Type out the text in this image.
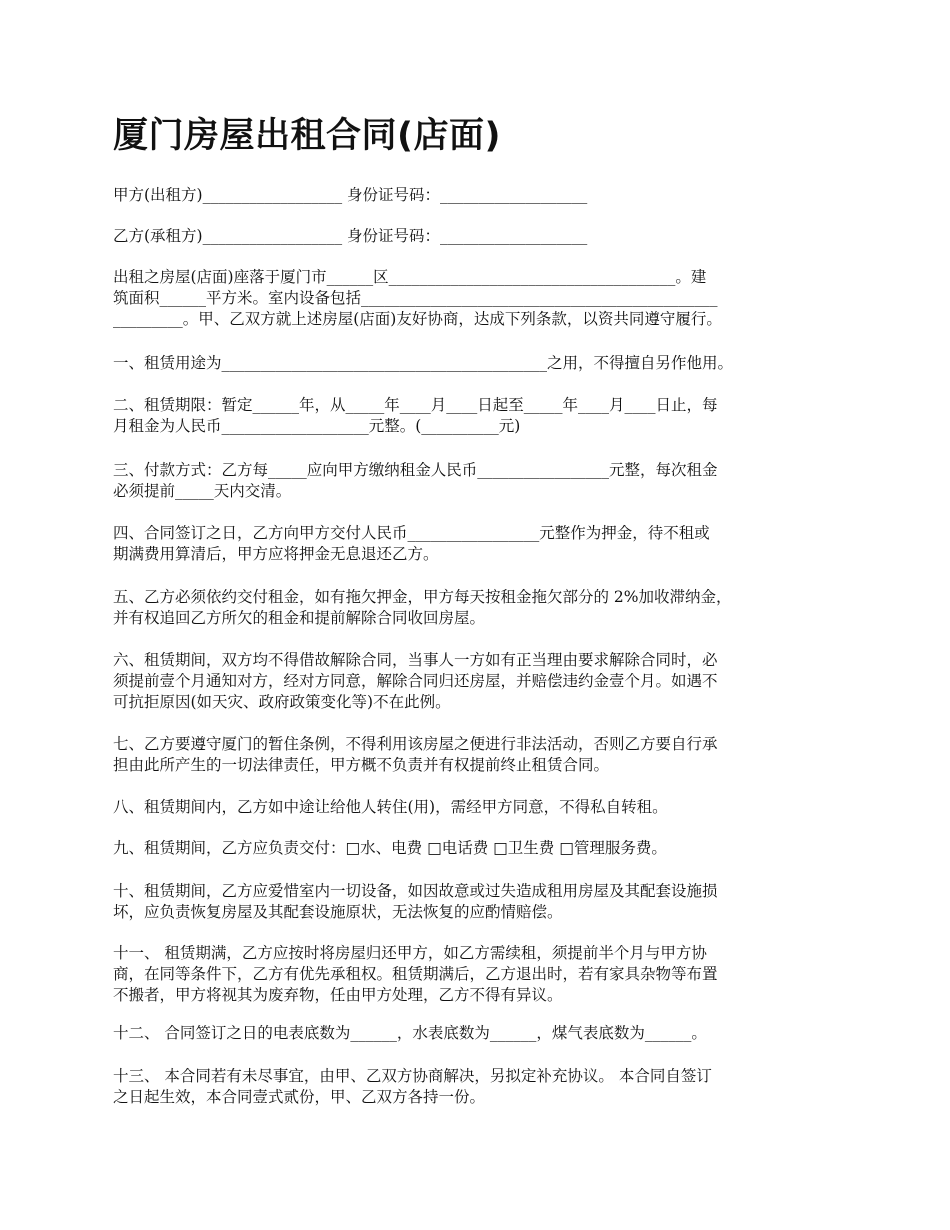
厦门房屋出租合同(店面)
甲方(出租方)__________________ 身份证号码：___________________
乙方(承租方)__________________ 身份证号码：___________________
出租之房屋(店面)座落于厦门市______区_____________________________________。建
筑面积______平方米。室内设备包括______________________________________________
_________。甲、乙双方就上述房屋(店面)友好协商，达成下列条款，以资共同遵守履行。
一、租赁用途为__________________________________________之用，不得擅自另作他用。
二、租赁期限：暂定______年，从_____年____月____日起至_____年____月____日止，每
月租金为人民币___________________元整。(__________元)
三、付款方式：乙方每_____应向甲方缴纳租金人民币_________________元整，每次租金
必须提前_____天内交清。
四、合同签订之日，乙方向甲方交付人民币_________________元整作为押金，待不租或
期满费用算清后，甲方应将押金无息退还乙方。
五、乙方必须依约交付租金，如有拖欠押金，甲方每天按租金拖欠部分的 2%加收滞纳金，
并有权追回乙方所欠的租金和提前解除合同收回房屋。
六、租赁期间，双方均不得借故解除合同，当事人一方如有正当理由要求解除合同时，必
须提前壹个月通知对方，经对方同意，解除合同归还房屋，并赔偿违约金壹个月。如遇不
可抗拒原因(如天灾、政府政策变化等)不在此例。
七、乙方要遵守厦门的暂住条例，不得利用该房屋之便进行非法活动，否则乙方要自行承
担由此所产生的一切法律责任，甲方概不负责并有权提前终止租赁合同。
八、租赁期间内，乙方如中途让给他人转住(用)，需经甲方同意，不得私自转租。
九、租赁期间，乙方应负责交付：□水、电费 □电话费 □卫生费 □管理服务费。
十、租赁期间，乙方应爱惜室内一切设备，如因故意或过失造成租用房屋及其配套设施损
坏，应负责恢复房屋及其配套设施原状，无法恢复的应酌情赔偿。
十一、 租赁期满，乙方应按时将房屋归还甲方，如乙方需续租，须提前半个月与甲方协
商，在同等条件下，乙方有优先承租权。租赁期满后，乙方退出时，若有家具杂物等布置
不搬者，甲方将视其为废弃物，任由甲方处理，乙方不得有异议。
十二、 合同签订之日的电表底数为______，水表底数为______，煤气表底数为______。
十三、 本合同若有未尽事宜，由甲、乙双方协商解决，另拟定补充协议。 本合同自签订
之日起生效，本合同壹式贰份，甲、乙双方各持一份。
